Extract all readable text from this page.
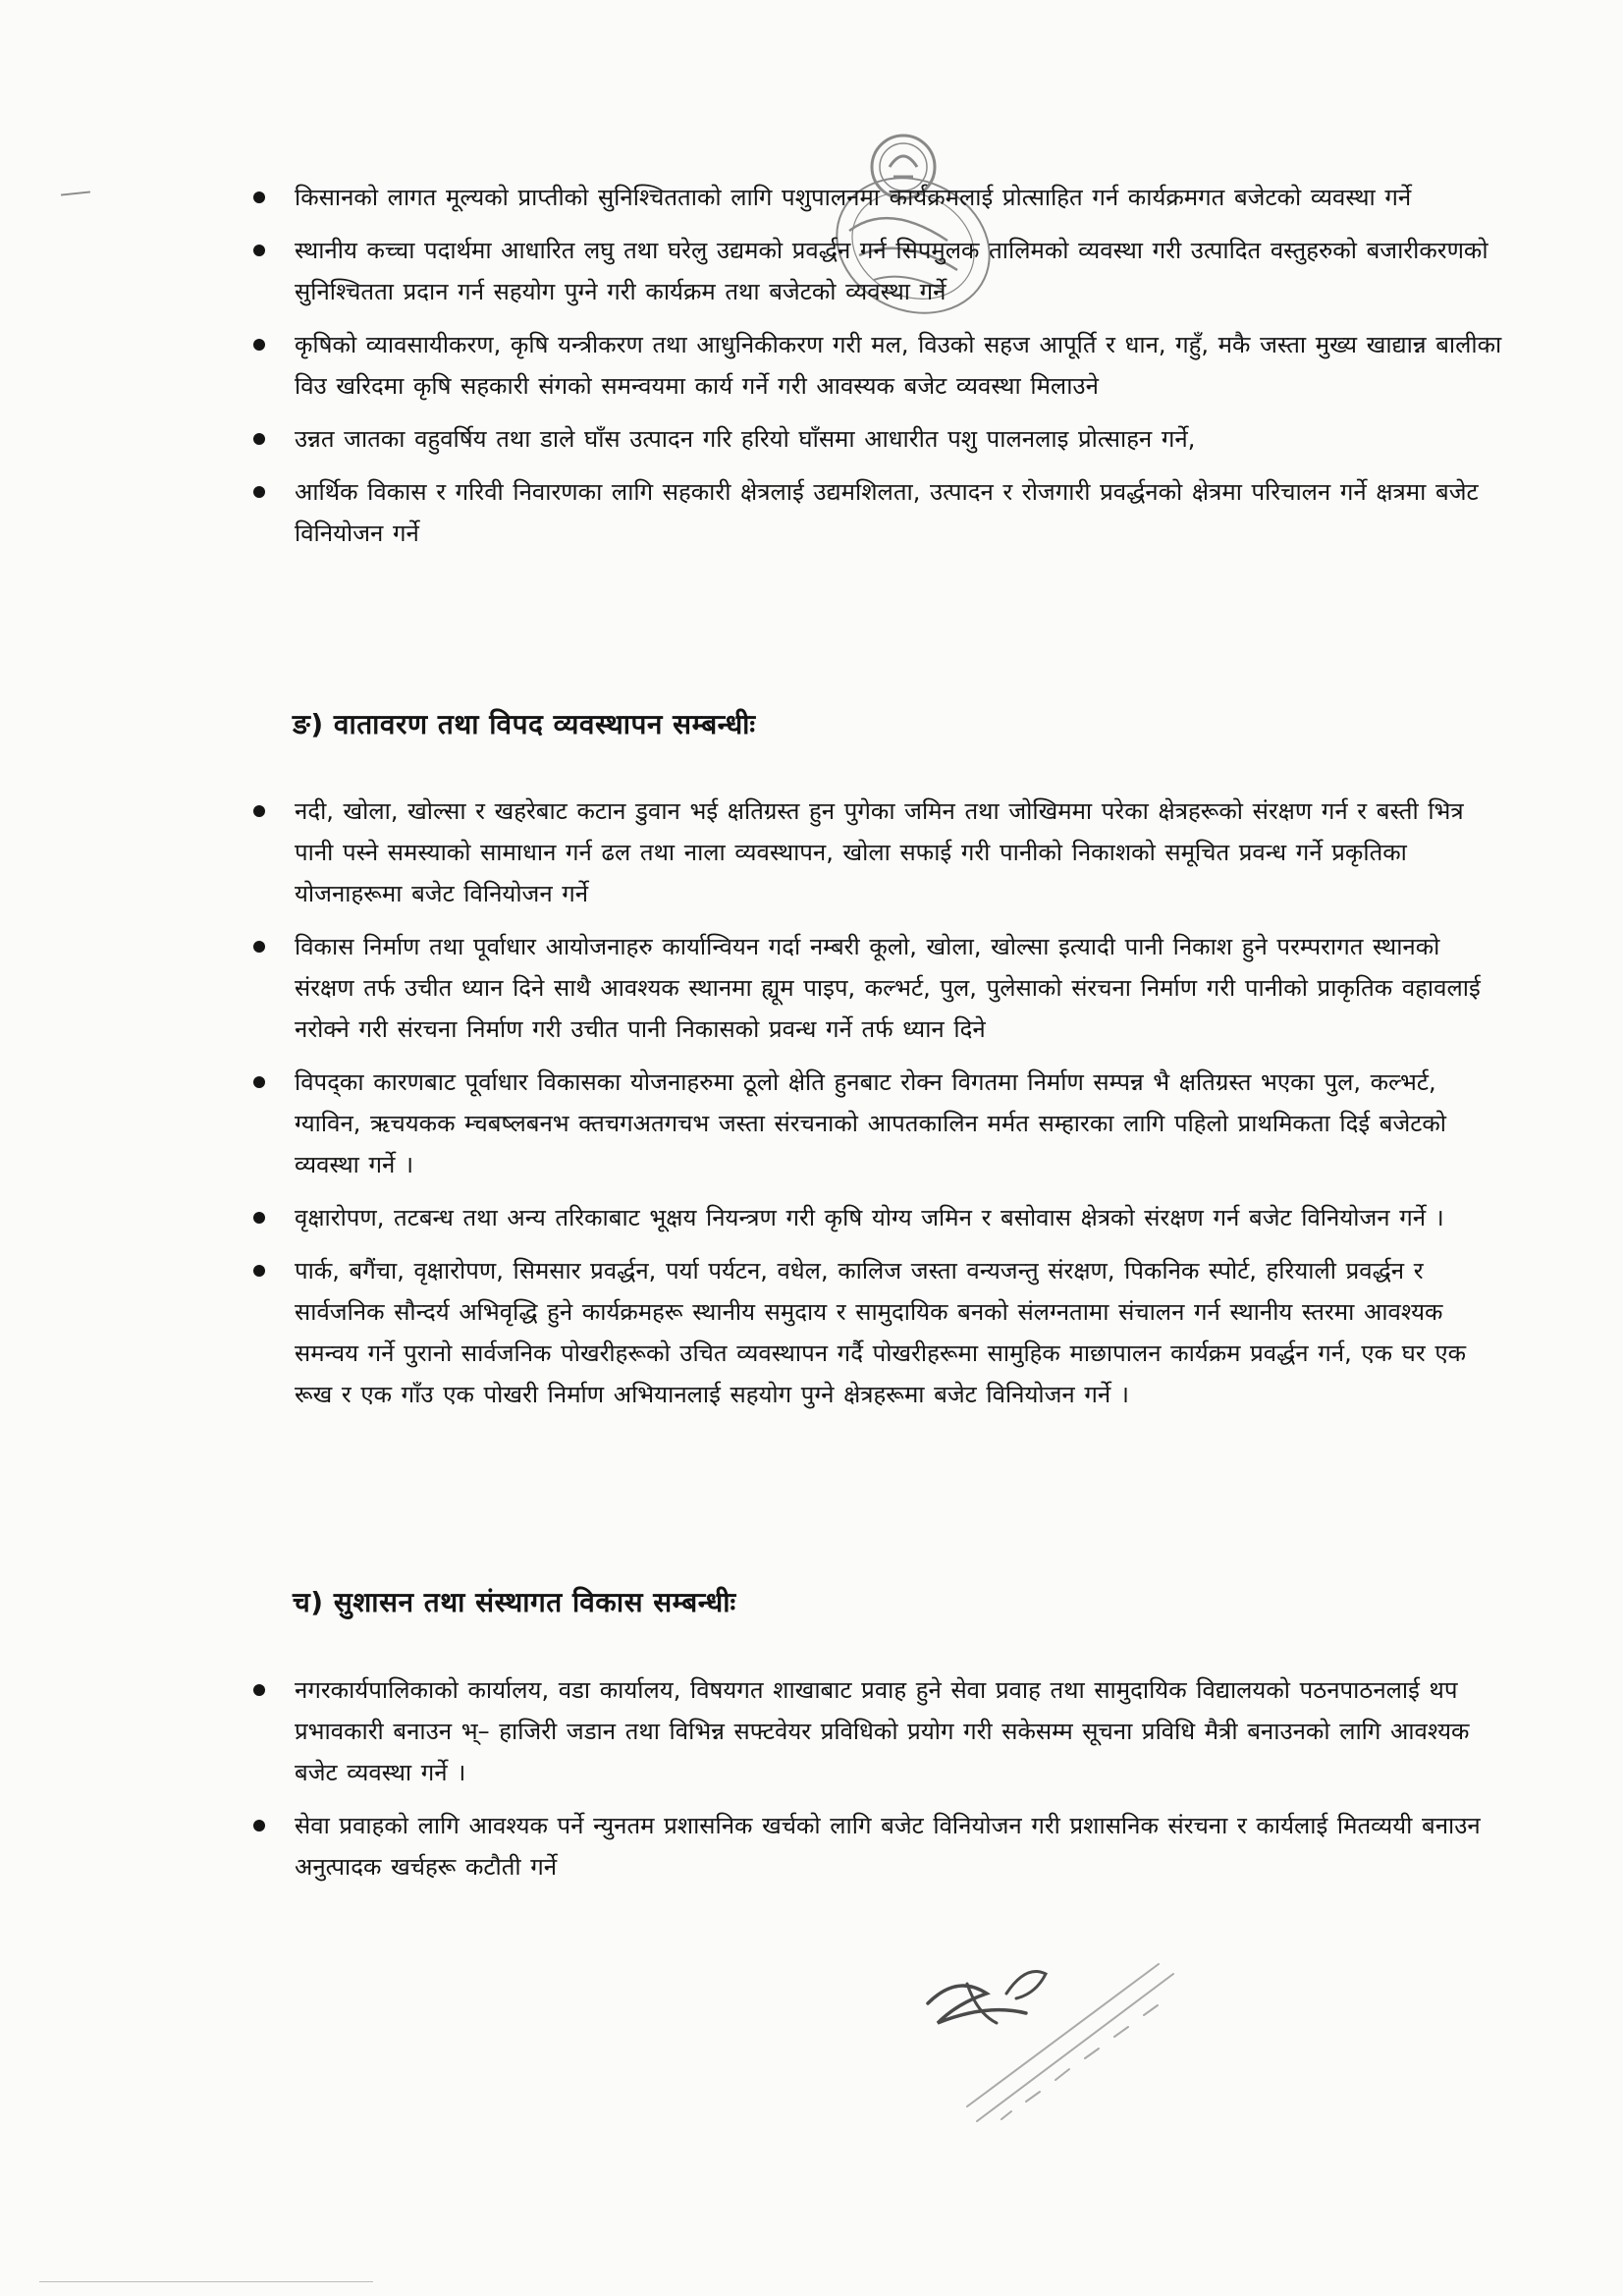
किसानको लागत मूल्यको प्राप्तीको सुनिश्चितताको लागि पशुपालनमा कार्यक्रमलाई प्रोत्साहित गर्न कार्यक्रमगत बजेटको व्यवस्था गर्ने
स्थानीय कच्चा पदार्थमा आधारित लघु तथा घरेलु उद्यमको प्रवर्द्धन गर्न सिपमुलक तालिमको व्यवस्था गरी उत्पादित वस्तुहरुको बजारीकरणको सुनिश्चितता प्रदान गर्न सहयोग पुग्ने गरी कार्यक्रम तथा बजेटको व्यवस्था गर्ने
कृषिको व्यावसायीकरण, कृषि यन्त्रीकरण तथा आधुनिकीकरण गरी मल, विउको सहज आपूर्ति र धान, गहुँ, मकै जस्ता मुख्य खाद्यान्न बालीका विउ खरिदमा कृषि सहकारी संगको समन्वयमा कार्य गर्ने गरी आवस्यक बजेट व्यवस्था मिलाउने
उन्नत जातका वहुवर्षिय तथा डाले घाँस उत्पादन गरि हरियो घाँसमा आधारीत पशु पालनलाइ प्रोत्साहन गर्ने,
आर्थिक विकास र गरिवी निवारणका लागि सहकारी क्षेत्रलाई उद्यमशिलता, उत्पादन र रोजगारी प्रवर्द्धनको क्षेत्रमा परिचालन गर्ने क्षत्रमा बजेट विनियोजन गर्ने
ङ) वातावरण तथा विपद व्यवस्थापन सम्बन्धीः
नदी, खोला, खोल्सा र खहरेबाट कटान डुवान भई क्षतिग्रस्त हुन पुगेका जमिन तथा जोखिममा परेका क्षेत्रहरूको संरक्षण गर्न र बस्ती भित्र पानी पस्ने समस्याको सामाधान गर्न ढल तथा नाला व्यवस्थापन, खोला सफाई गरी पानीको निकाशको समूचित प्रवन्ध गर्ने प्रकृतिका योजनाहरूमा बजेट विनियोजन गर्ने
विकास निर्माण तथा पूर्वाधार आयोजनाहरु कार्यान्वियन गर्दा नम्बरी कूलो, खोला, खोल्सा इत्यादी पानी निकाश हुने परम्परागत स्थानको संरक्षण तर्फ उचीत ध्यान दिने साथै आवश्यक स्थानमा ह्यूम पाइप, कल्भर्ट, पुल, पुलेसाको संरचना निर्माण गरी पानीको प्राकृतिक वहावलाई नरोक्ने गरी संरचना निर्माण गरी उचीत पानी निकासको प्रवन्ध गर्ने तर्फ ध्यान दिने
विपद्का कारणबाट पूर्वाधार विकासका योजनाहरुमा ठूलो क्षेति हुनबाट रोक्न विगतमा निर्माण सम्पन्न भै क्षतिग्रस्त भएका पुल, कल्भर्ट, ग्याविन, ऋचयकक म्चबष्लबनभ क्तचगअतगचभ जस्ता संरचनाको आपतकालिन मर्मत सम्हारका लागि पहिलो प्राथमिकता दिई बजेटको व्यवस्था गर्ने ।
वृक्षारोपण, तटबन्ध तथा अन्य तरिकाबाट भूक्षय नियन्त्रण गरी कृषि योग्य जमिन र बसोवास क्षेत्रको संरक्षण गर्न बजेट विनियोजन गर्ने ।
पार्क, बगैंचा, वृक्षारोपण, सिमसार प्रवर्द्धन, पर्या पर्यटन, वधेल, कालिज जस्ता वन्यजन्तु संरक्षण, पिकनिक स्पोर्ट, हरियाली प्रवर्द्धन र सार्वजनिक सौन्दर्य अभिवृद्धि हुने कार्यक्रमहरू स्थानीय समुदाय र सामुदायिक बनको संलग्नतामा संचालन गर्न स्थानीय स्तरमा आवश्यक समन्वय गर्ने पुरानो सार्वजनिक पोखरीहरूको उचित व्यवस्थापन गर्दै पोखरीहरूमा सामुहिक माछापालन कार्यक्रम प्रवर्द्धन गर्न, एक घर एक रूख र एक गाँउ एक पोखरी निर्माण अभियानलाई सहयोग पुग्ने क्षेत्रहरूमा बजेट विनियोजन गर्ने ।
च) सुशासन तथा संस्थागत विकास सम्बन्धीः
नगरकार्यपालिकाको कार्यालय, वडा कार्यालय, विषयगत शाखाबाट प्रवाह हुने सेवा प्रवाह तथा सामुदायिक विद्यालयको पठनपाठनलाई थप प्रभावकारी बनाउन भ्– हाजिरी जडान तथा विभिन्न सफ्टवेयर प्रविधिको प्रयोग गरी सकेसम्म सूचना प्रविधि मैत्री बनाउनको लागि आवश्यक बजेट व्यवस्था गर्ने ।
सेवा प्रवाहको लागि आवश्यक पर्ने न्युनतम प्रशासनिक खर्चको लागि बजेट विनियोजन गरी प्रशासनिक संरचना र कार्यलाई मितव्ययी बनाउन अनुत्पादक खर्चहरू कटौती गर्ने
